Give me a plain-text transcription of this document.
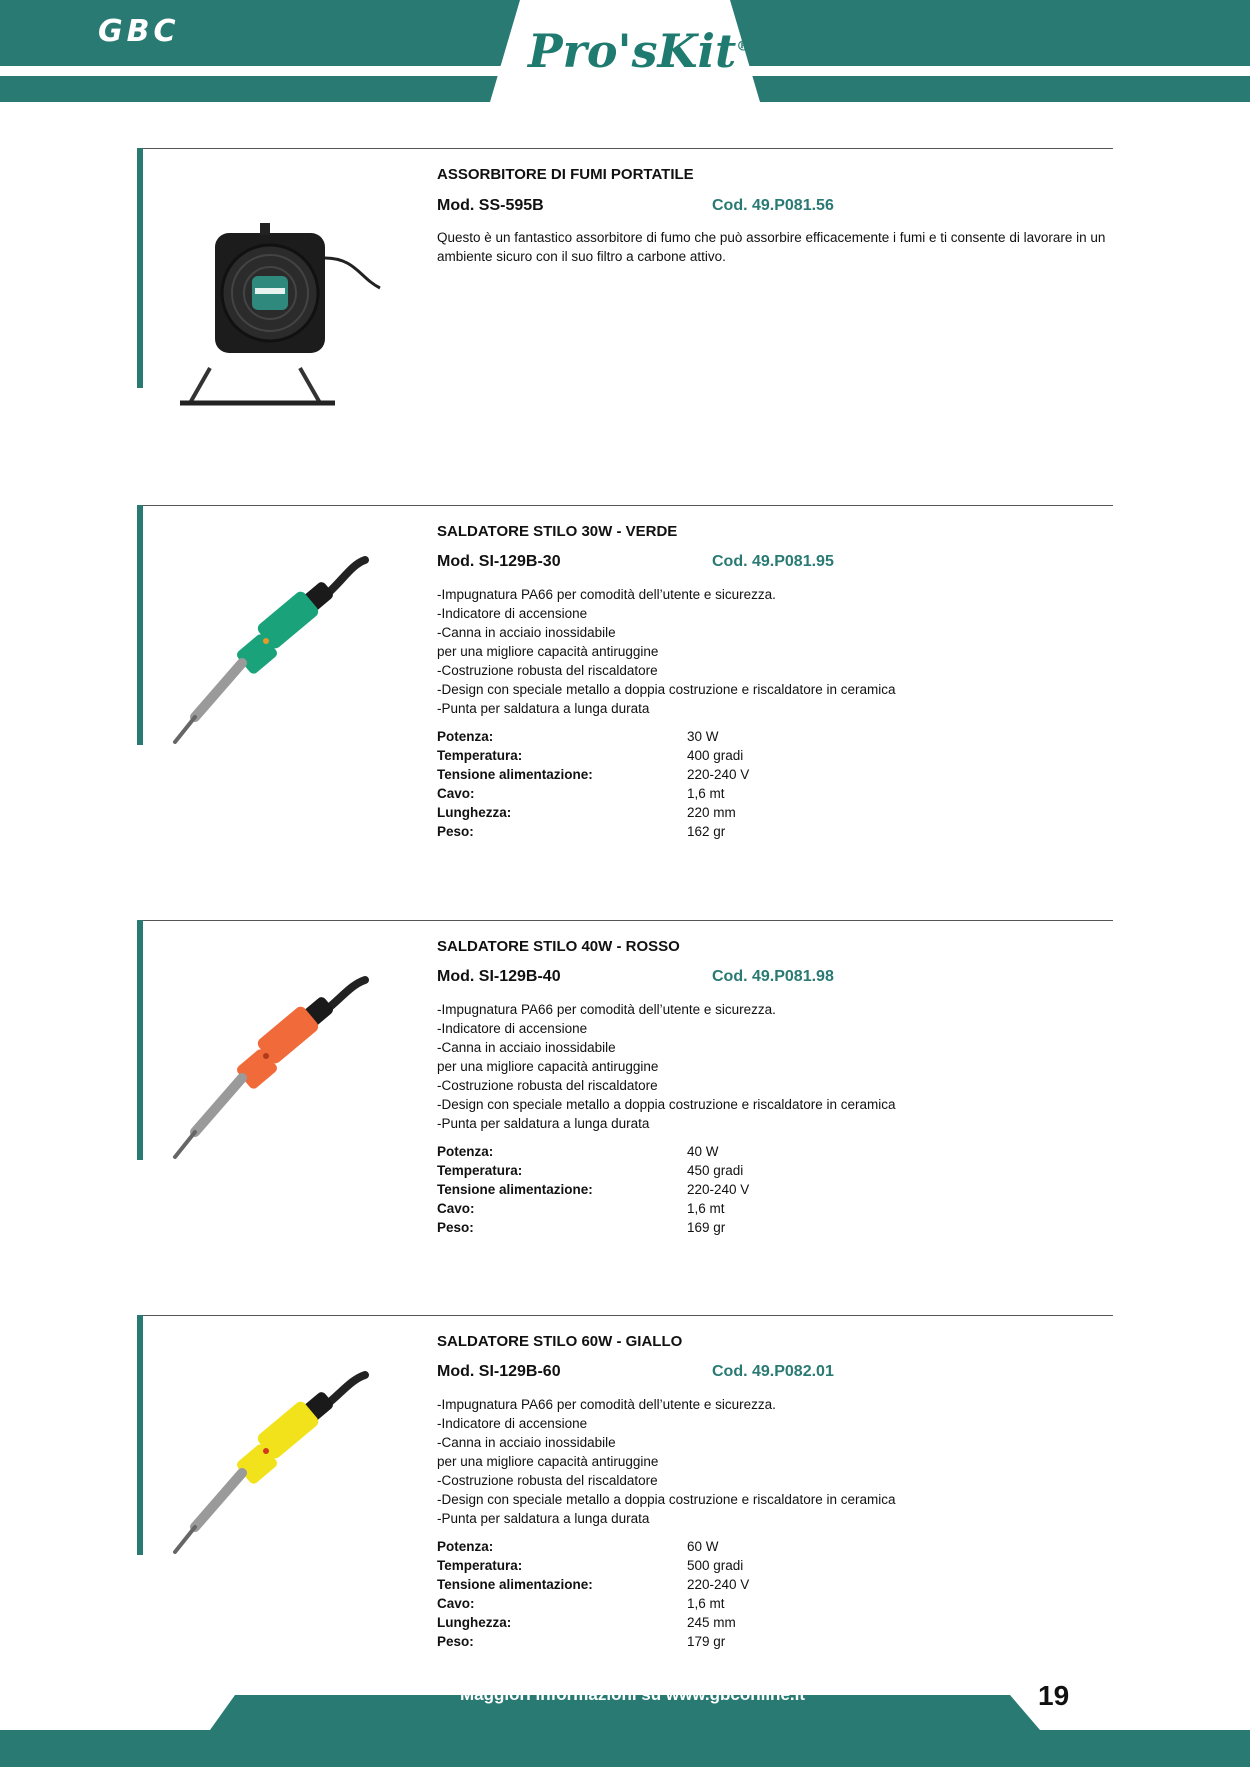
GBC	Pro'sKit®
ASSORBITORE DI FUMI PORTATILE
Mod. SS-595B	Cod. 49.P081.56
Questo è un fantastico assorbitore di fumo che può assorbire efficacemente i fumi e ti consente di lavorare in un ambiente sicuro con il suo filtro a carbone attivo.
SALDATORE STILO 30W - VERDE
Mod. SI-129B-30	Cod. 49.P081.95
-Impugnatura PA66 per comodità dell’utente e sicurezza.
-Indicatore di accensione
-Canna in acciaio inossidabile
per una migliore capacità antiruggine
-Costruzione robusta del riscaldatore
-Design con speciale metallo a doppia costruzione e riscaldatore in ceramica
-Punta per saldatura a lunga durata
Potenza:	30 W
Temperatura:	400 gradi
Tensione alimentazione:	220-240 V
Cavo:	1,6 mt
Lunghezza:	220 mm
Peso:	162 gr
SALDATORE STILO 40W - ROSSO
Mod. SI-129B-40	Cod. 49.P081.98
-Impugnatura PA66 per comodità dell’utente e sicurezza.
-Indicatore di accensione
-Canna in acciaio inossidabile
per una migliore capacità antiruggine
-Costruzione robusta del riscaldatore
-Design con speciale metallo a doppia costruzione e riscaldatore in ceramica
-Punta per saldatura a lunga durata
Potenza:	40 W
Temperatura:	450 gradi
Tensione alimentazione:	220-240 V
Cavo:	1,6 mt
Peso:	169 gr
SALDATORE STILO 60W - GIALLO
Mod. SI-129B-60	Cod. 49.P082.01
-Impugnatura PA66 per comodità dell’utente e sicurezza.
-Indicatore di accensione
-Canna in acciaio inossidabile
per una migliore capacità antiruggine
-Costruzione robusta del riscaldatore
-Design con speciale metallo a doppia costruzione e riscaldatore in ceramica
-Punta per saldatura a lunga durata
Potenza:	60 W
Temperatura:	500 gradi
Tensione alimentazione:	220-240 V
Cavo:	1,6 mt
Lunghezza:	245 mm
Peso:	179 gr
Maggiori informazioni su www.gbconline.it	19
